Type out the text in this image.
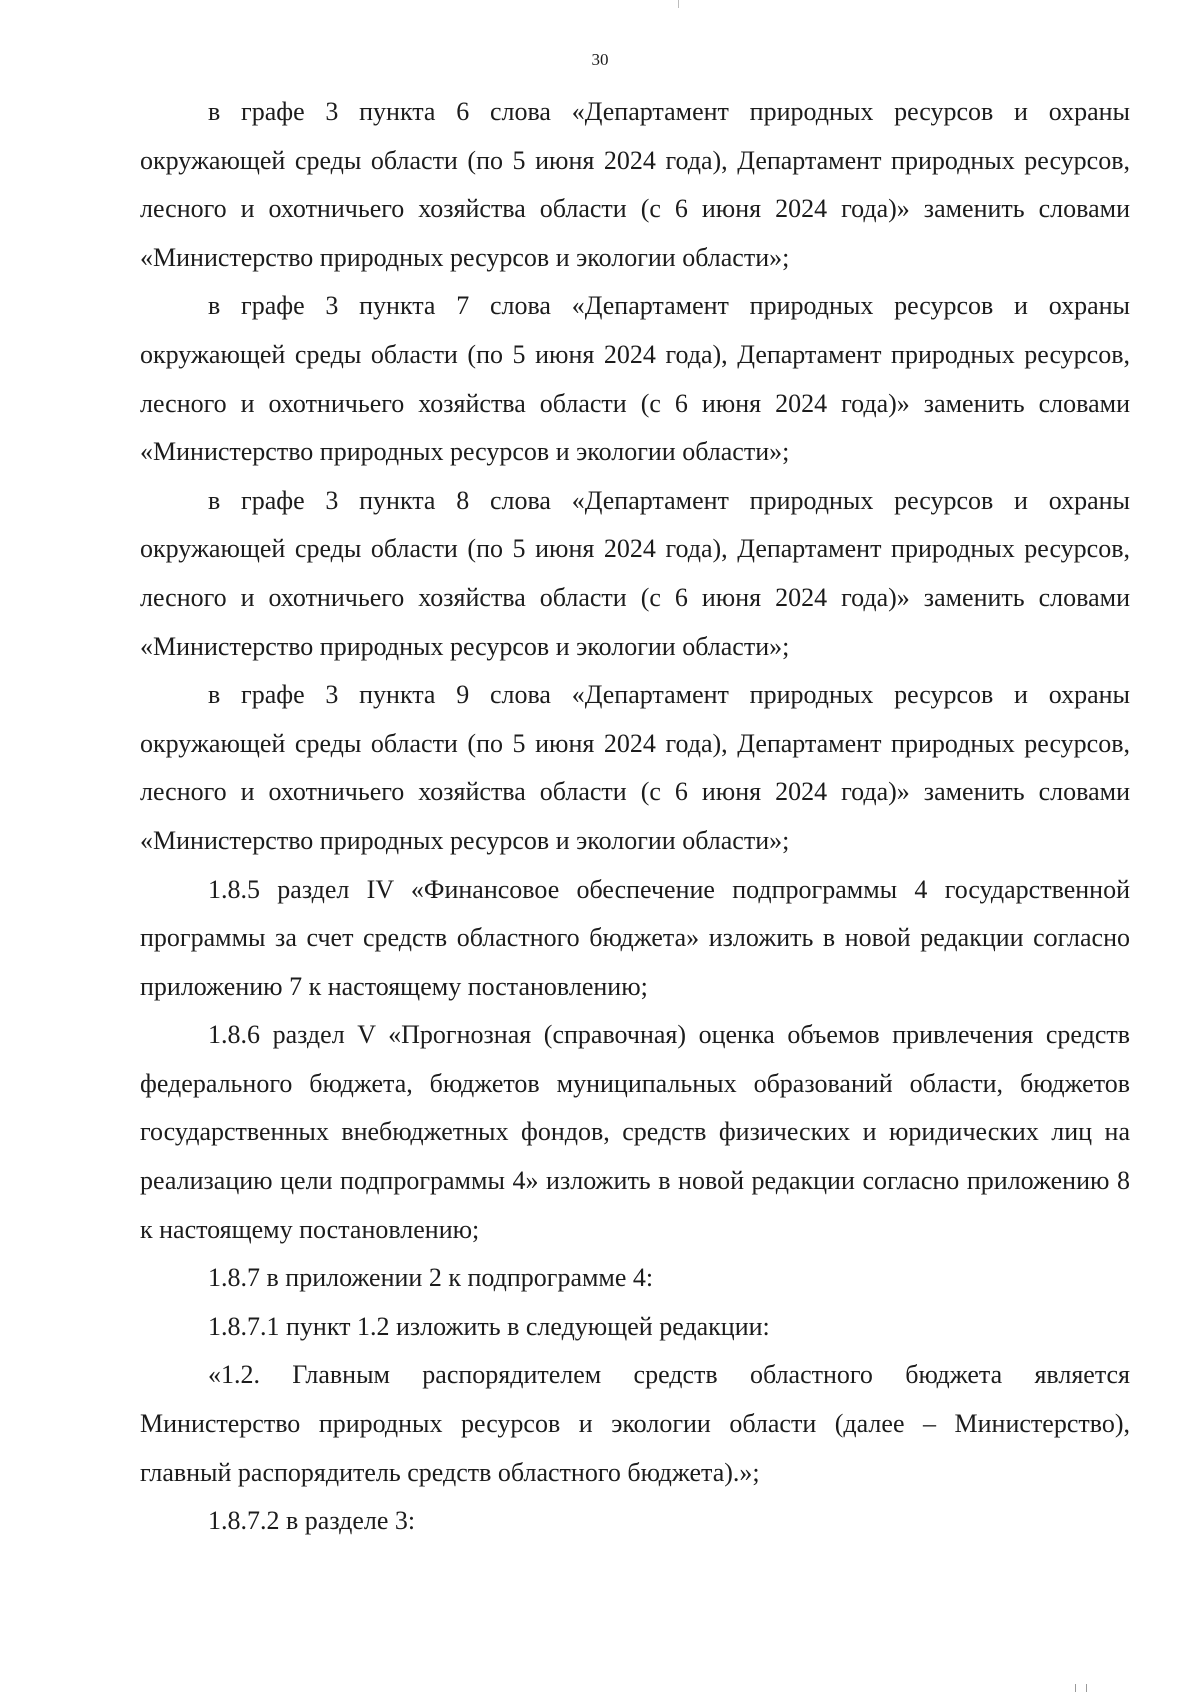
30

в графе 3 пункта 6 слова «Департамент природных ресурсов и охраны окружающей среды области (по 5 июня 2024 года), Департамент природных ресурсов, лесного и охотничьего хозяйства области (с 6 июня 2024 года)» заменить словами «Министерство природных ресурсов и экологии области»;

в графе 3 пункта 7 слова «Департамент природных ресурсов и охраны окружающей среды области (по 5 июня 2024 года), Департамент природных ресурсов, лесного и охотничьего хозяйства области (с 6 июня 2024 года)» заменить словами «Министерство природных ресурсов и экологии области»;

в графе 3 пункта 8 слова «Департамент природных ресурсов и охраны окружающей среды области (по 5 июня 2024 года), Департамент природных ресурсов, лесного и охотничьего хозяйства области (с 6 июня 2024 года)» заменить словами «Министерство природных ресурсов и экологии области»;

в графе 3 пункта 9 слова «Департамент природных ресурсов и охраны окружающей среды области (по 5 июня 2024 года), Департамент природных ресурсов, лесного и охотничьего хозяйства области (с 6 июня 2024 года)» заменить словами «Министерство природных ресурсов и экологии области»;

1.8.5 раздел IV «Финансовое обеспечение подпрограммы 4 государственной программы за счет средств областного бюджета» изложить в новой редакции согласно приложению 7 к настоящему постановлению;

1.8.6 раздел V «Прогнозная (справочная) оценка объемов привлечения средств федерального бюджета, бюджетов муниципальных образований области, бюджетов государственных внебюджетных фондов, средств физических и юридических лиц на реализацию цели подпрограммы 4» изложить в новой редакции согласно приложению 8 к настоящему постановлению;

1.8.7 в приложении 2 к подпрограмме 4:

1.8.7.1 пункт 1.2 изложить в следующей редакции:

«1.2. Главным распорядителем средств областного бюджета является Министерство природных ресурсов и экологии области (далее – Министерство), главный распорядитель средств областного бюджета).»;

1.8.7.2 в разделе 3:
